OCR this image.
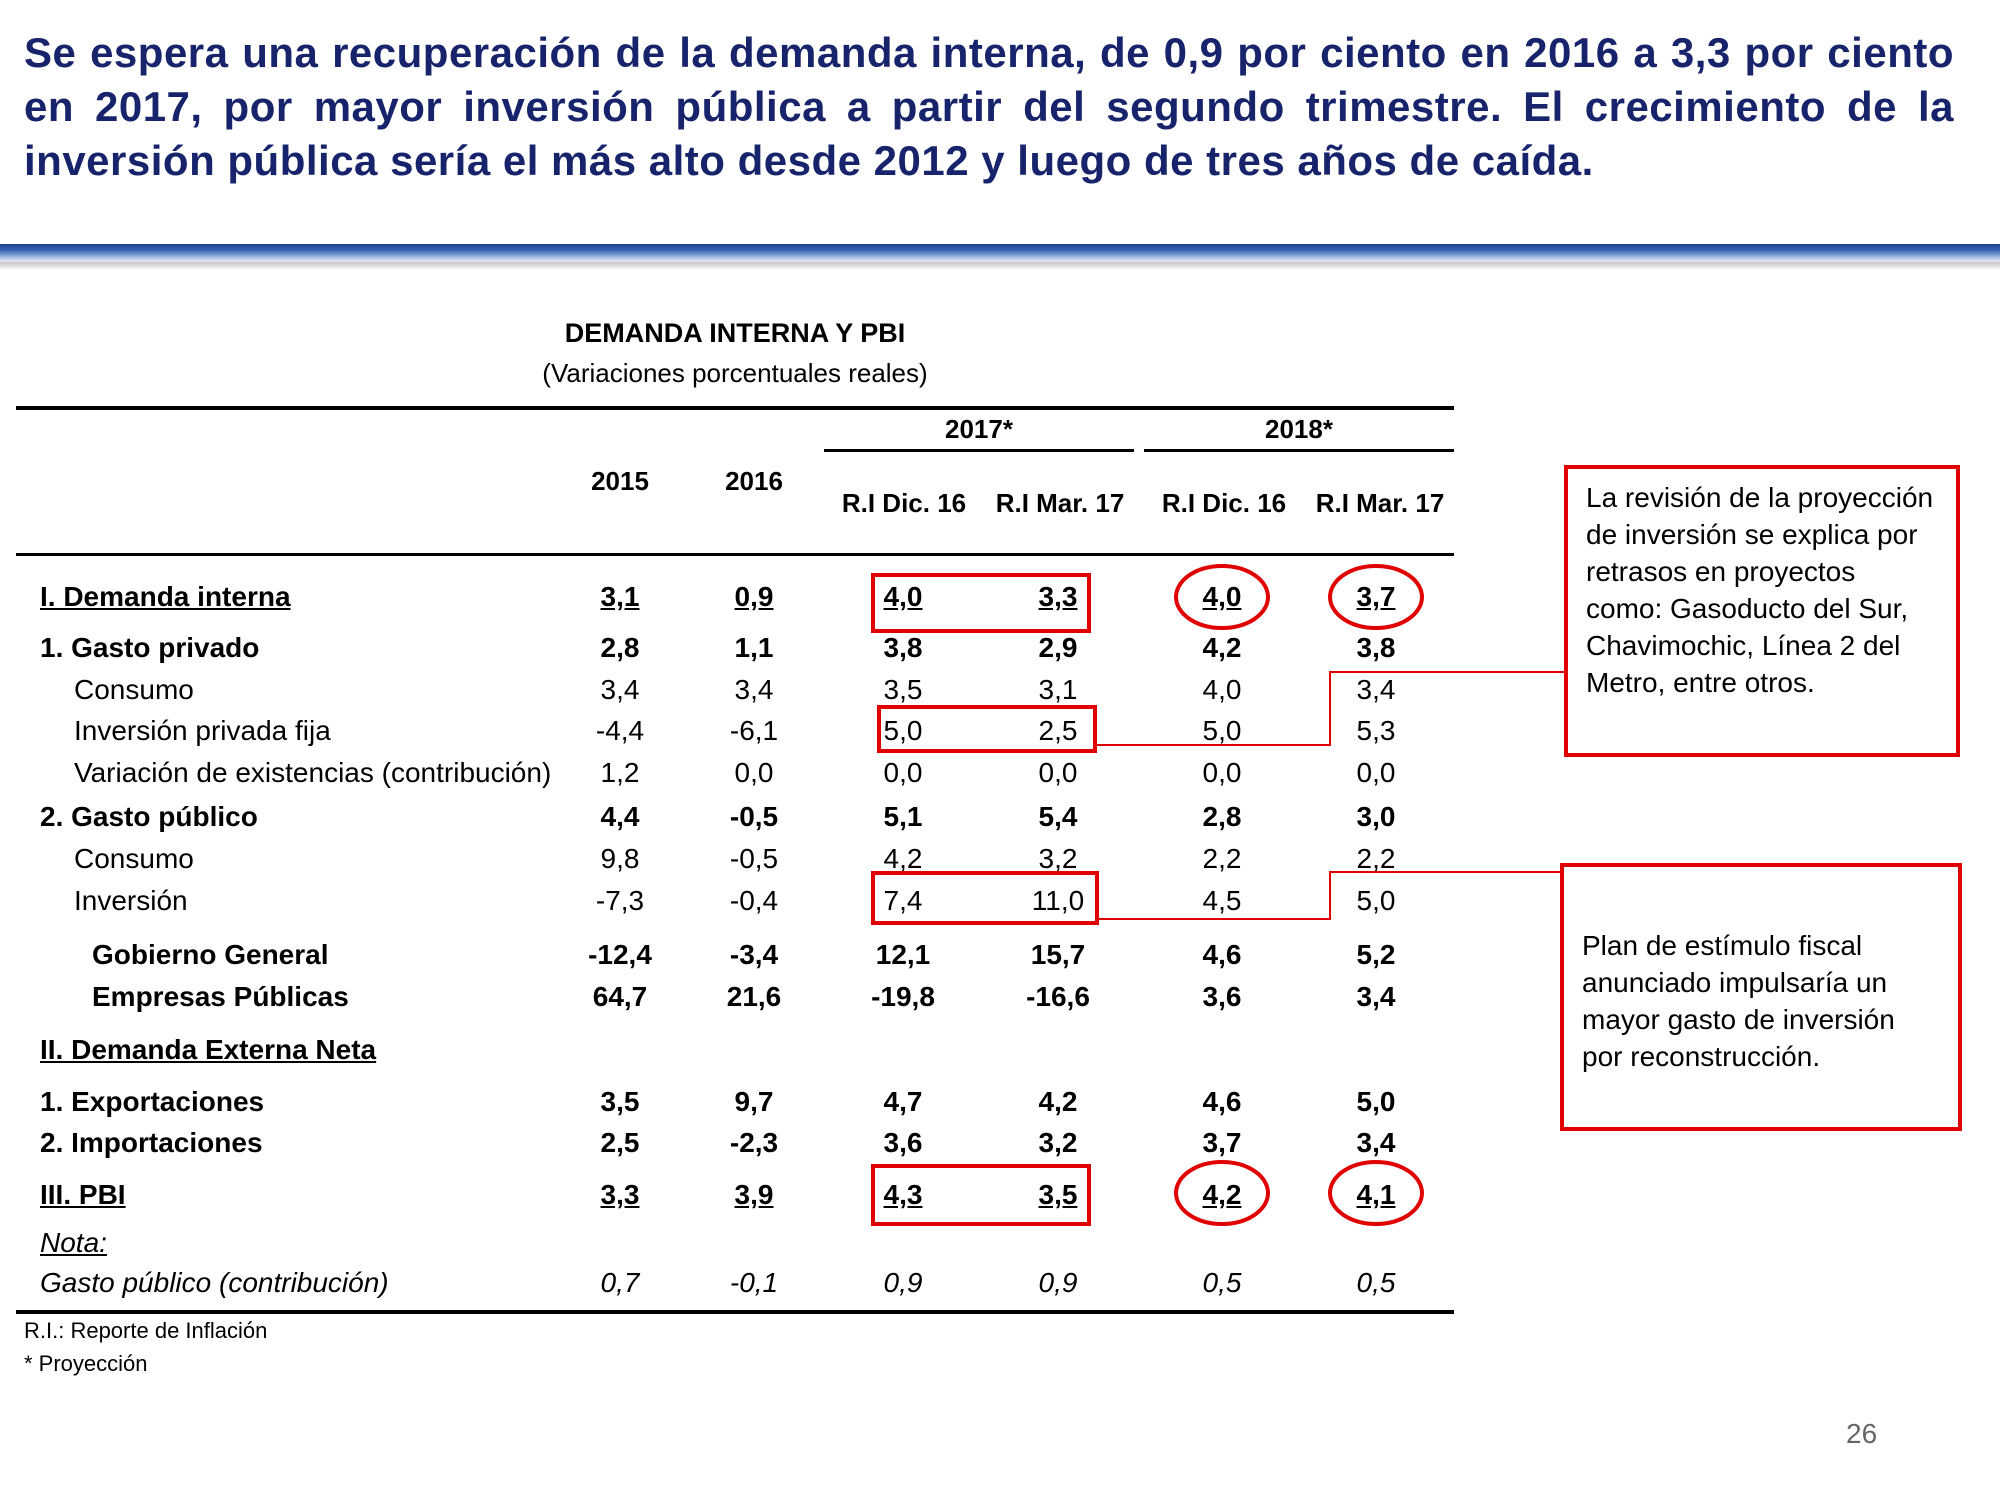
Se espera una recuperación de la demanda interna, de 0,9 por ciento en 2016 a 3,3 por ciento en 2017, por mayor inversión pública a partir del segundo trimestre. El crecimiento de la inversión pública sería el más alto desde 2012 y luego de tres años de caída.
DEMANDA INTERNA Y PBI
(Variaciones porcentuales reales)
2017*	2018*
2015	2016
R.I Dic. 16	R.I Mar. 17	R.I Dic. 16	R.I Mar. 17
I. Demanda interna	3,1	0,9	4,0	3,3	4,0	3,7
1. Gasto privado	2,8	1,1	3,8	2,9	4,2	3,8
Consumo	3,4	3,4	3,5	3,1	4,0	3,4
Inversión privada fija	-4,4	-6,1	5,0	2,5	5,0	5,3
Variación de existencias (contribución)	1,2	0,0	0,0	0,0	0,0	0,0
2. Gasto público	4,4	-0,5	5,1	5,4	2,8	3,0
Consumo	9,8	-0,5	4,2	3,2	2,2	2,2
Inversión	-7,3	-0,4	7,4	11,0	4,5	5,0
Gobierno General	-12,4	-3,4	12,1	15,7	4,6	5,2
Empresas Públicas	64,7	21,6	-19,8	-16,6	3,6	3,4
II. Demanda Externa Neta
1. Exportaciones	3,5	9,7	4,7	4,2	4,6	5,0
2. Importaciones	2,5	-2,3	3,6	3,2	3,7	3,4
III. PBI	3,3	3,9	4,3	3,5	4,2	4,1
Nota:
Gasto público (contribución)	0,7	-0,1	0,9	0,9	0,5	0,5
R.I.: Reporte de Inflación
* Proyección
La revisión de la proyección de inversión se explica por retrasos en proyectos como: Gasoducto del Sur, Chavimochic, Línea 2 del Metro, entre otros.
Plan de estímulo fiscal anunciado impulsaría un mayor gasto de inversión por reconstrucción.
26
